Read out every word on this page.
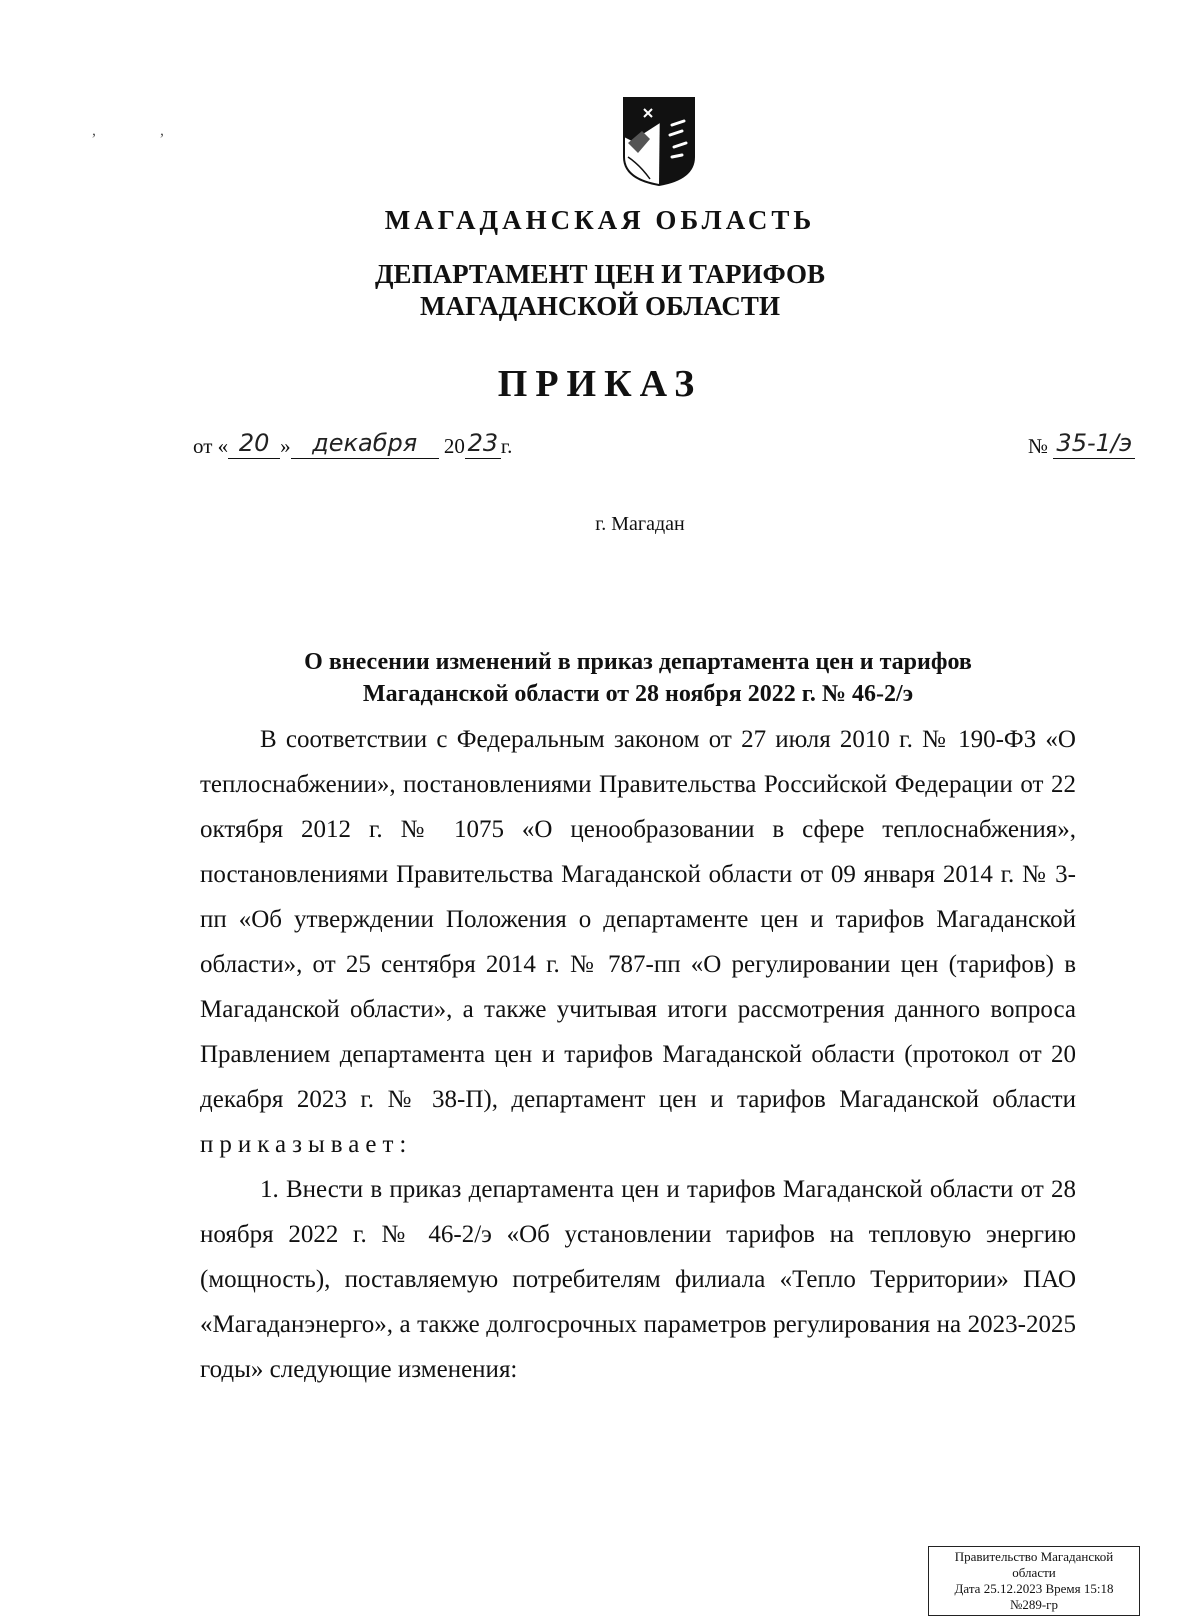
, ,
МАГАДАНСКАЯ ОБЛАСТЬ
ДЕПАРТАМЕНТ ЦЕН И ТАРИФОВ
МАГАДАНСКОЙ ОБЛАСТИ
ПРИКАЗ
от « 20 » декабря 20 23 г.	№ 35-1/э
г. Магадан
О внесении изменений в приказ департамента цен и тарифов
Магаданской области от 28 ноября 2022 г. № 46-2/э

В соответствии с Федеральным законом от 27 июля 2010 г. № 190-ФЗ «О теплоснабжении», постановлениями Правительства Российской Федерации от 22 октября 2012 г. № 1075 «О ценообразовании в сфере теплоснабжения», постановлениями Правительства Магаданской области от 09 января 2014 г. № 3-пп «Об утверждении Положения о департаменте цен и тарифов Магаданской области», от 25 сентября 2014 г. № 787-пп «О регулировании цен (тарифов) в Магаданской области», а также учитывая итоги рассмотрения данного вопроса Правлением департамента цен и тарифов Магаданской области (протокол от 20 декабря 2023 г. № 38-П), департамент цен и тарифов Магаданской области приказывает:

1. Внести в приказ департамента цен и тарифов Магаданской области от 28 ноября 2022 г. № 46-2/э «Об установлении тарифов на тепловую энергию (мощность), поставляемую потребителям филиала «Тепло Территории» ПАО «Магаданэнерго», а также долгосрочных параметров регулирования на 2023-2025 годы» следующие изменения:

Правительство Магаданской
области
Дата 25.12.2023 Время 15:18
№289-гр
